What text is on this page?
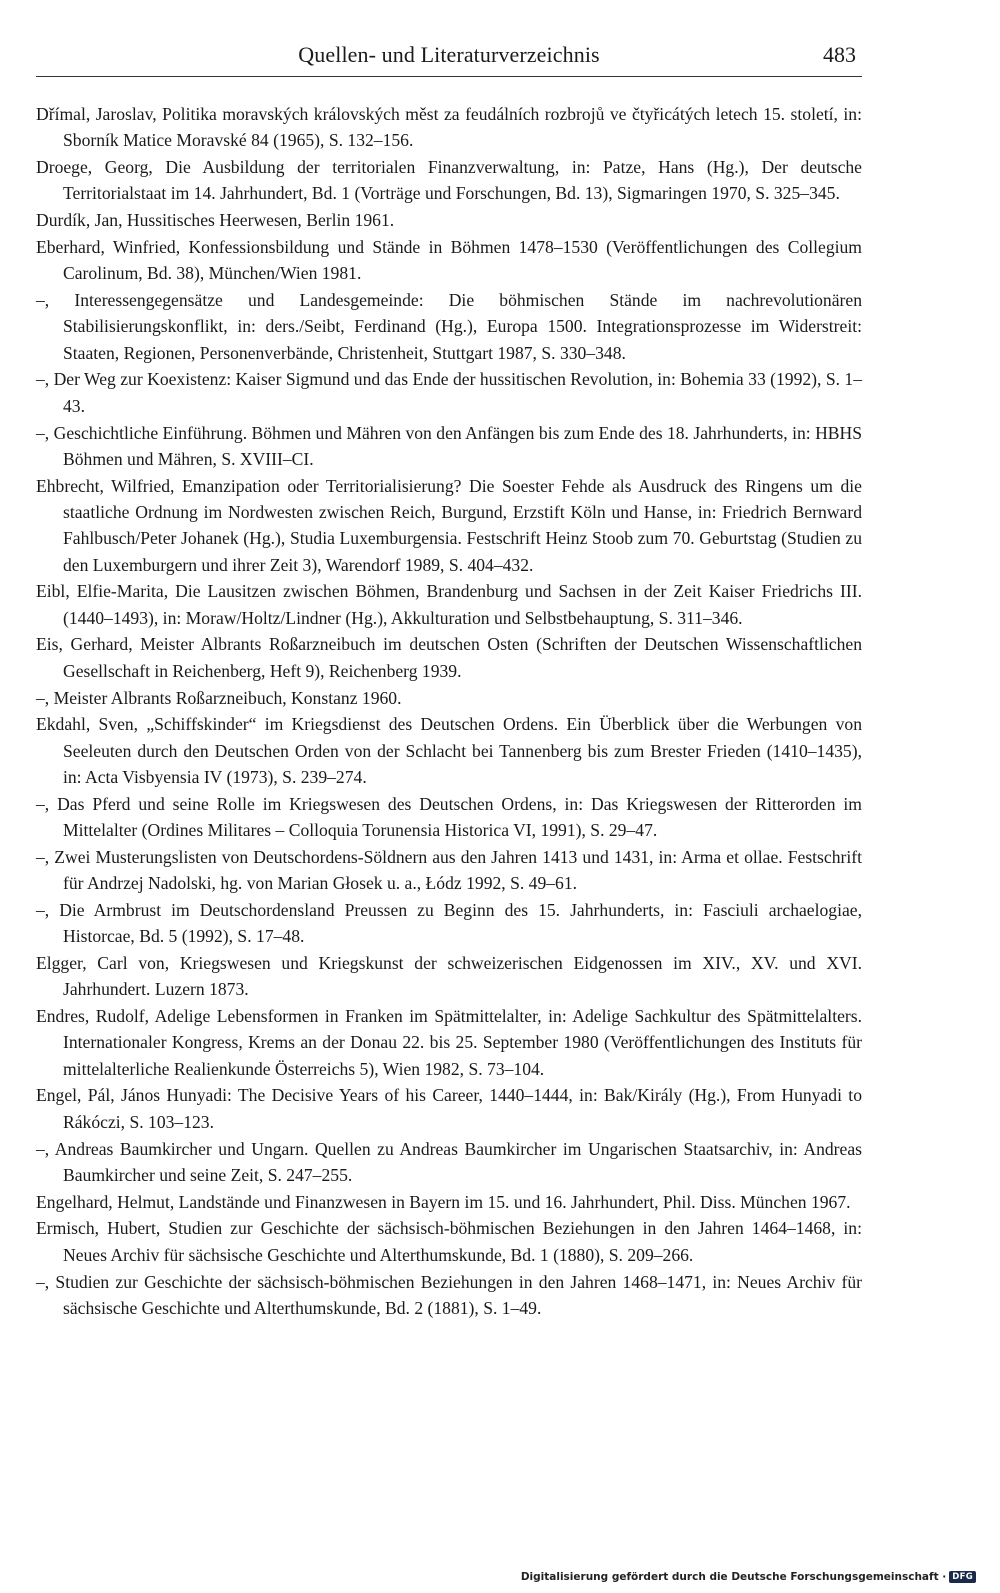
Quellen- und Literaturverzeichnis	483

Dřímal, Jaroslav, Politika moravských královských měst za feudálních rozbrojů ve čtyřicátých letech 15. století, in: Sborník Matice Moravské 84 (1965), S. 132–156.

Droege, Georg, Die Ausbildung der territorialen Finanzverwaltung, in: Patze, Hans (Hg.), Der deutsche Territorialstaat im 14. Jahrhundert, Bd. 1 (Vorträge und Forschungen, Bd. 13), Sigmaringen 1970, S. 325–345.

Durdík, Jan, Hussitisches Heerwesen, Berlin 1961.

Eberhard, Winfried, Konfessionsbildung und Stände in Böhmen 1478–1530 (Veröffentlichungen des Collegium Carolinum, Bd. 38), München/Wien 1981.

–, Interessengegensätze und Landesgemeinde: Die böhmischen Stände im nachrevolutionären Stabilisierungskonflikt, in: ders./Seibt, Ferdinand (Hg.), Europa 1500. Integrationsprozesse im Widerstreit: Staaten, Regionen, Personenverbände, Christenheit, Stuttgart 1987, S. 330–348.

–, Der Weg zur Koexistenz: Kaiser Sigmund und das Ende der hussitischen Revolution, in: Bohemia 33 (1992), S. 1–43.

–, Geschichtliche Einführung. Böhmen und Mähren von den Anfängen bis zum Ende des 18. Jahrhunderts, in: HBHS Böhmen und Mähren, S. XVIII–CI.

Ehbrecht, Wilfried, Emanzipation oder Territorialisierung? Die Soester Fehde als Ausdruck des Ringens um die staatliche Ordnung im Nordwesten zwischen Reich, Burgund, Erzstift Köln und Hanse, in: Friedrich Bernward Fahlbusch/Peter Johanek (Hg.), Studia Luxemburgensia. Festschrift Heinz Stoob zum 70. Geburtstag (Studien zu den Luxemburgern und ihrer Zeit 3), Warendorf 1989, S. 404–432.

Eibl, Elfie-Marita, Die Lausitzen zwischen Böhmen, Brandenburg und Sachsen in der Zeit Kaiser Friedrichs III. (1440–1493), in: Moraw/Holtz/Lindner (Hg.), Akkulturation und Selbstbehauptung, S. 311–346.

Eis, Gerhard, Meister Albrants Roßarzneibuch im deutschen Osten (Schriften der Deutschen Wissenschaftlichen Gesellschaft in Reichenberg, Heft 9), Reichenberg 1939.

–, Meister Albrants Roßarzneibuch, Konstanz 1960.

Ekdahl, Sven, „Schiffskinder“ im Kriegsdienst des Deutschen Ordens. Ein Überblick über die Werbungen von Seeleuten durch den Deutschen Orden von der Schlacht bei Tannenberg bis zum Brester Frieden (1410–1435), in: Acta Visbyensia IV (1973), S. 239–274.

–, Das Pferd und seine Rolle im Kriegswesen des Deutschen Ordens, in: Das Kriegswesen der Ritterorden im Mittelalter (Ordines Militares – Colloquia Torunensia Historica VI, 1991), S. 29–47.

–, Zwei Musterungslisten von Deutschordens-Söldnern aus den Jahren 1413 und 1431, in: Arma et ollae. Festschrift für Andrzej Nadolski, hg. von Marian Głosek u. a., Łódz 1992, S. 49–61.

–, Die Armbrust im Deutschordensland Preussen zu Beginn des 15. Jahrhunderts, in: Fasciuli archaelogiae, Historcae, Bd. 5 (1992), S. 17–48.

Elgger, Carl von, Kriegswesen und Kriegskunst der schweizerischen Eidgenossen im XIV., XV. und XVI. Jahrhundert. Luzern 1873.

Endres, Rudolf, Adelige Lebensformen in Franken im Spätmittelalter, in: Adelige Sachkultur des Spätmittelalters. Internationaler Kongress, Krems an der Donau 22. bis 25. September 1980 (Veröffentlichungen des Instituts für mittelalterliche Realienkunde Österreichs 5), Wien 1982, S. 73–104.

Engel, Pál, János Hunyadi: The Decisive Years of his Career, 1440–1444, in: Bak/Király (Hg.), From Hunyadi to Rákóczi, S. 103–123.

–, Andreas Baumkircher und Ungarn. Quellen zu Andreas Baumkircher im Ungarischen Staatsarchiv, in: Andreas Baumkircher und seine Zeit, S. 247–255.

Engelhard, Helmut, Landstände und Finanzwesen in Bayern im 15. und 16. Jahrhundert, Phil. Diss. München 1967.

Ermisch, Hubert, Studien zur Geschichte der sächsisch-böhmischen Beziehungen in den Jahren 1464–1468, in: Neues Archiv für sächsische Geschichte und Alterthumskunde, Bd. 1 (1880), S. 209–266.

–, Studien zur Geschichte der sächsisch-böhmischen Beziehungen in den Jahren 1468–1471, in: Neues Archiv für sächsische Geschichte und Alterthumskunde, Bd. 2 (1881), S. 1–49.

Digitalisierung gefördert durch die Deutsche Forschungsgemeinschaft · DFG
